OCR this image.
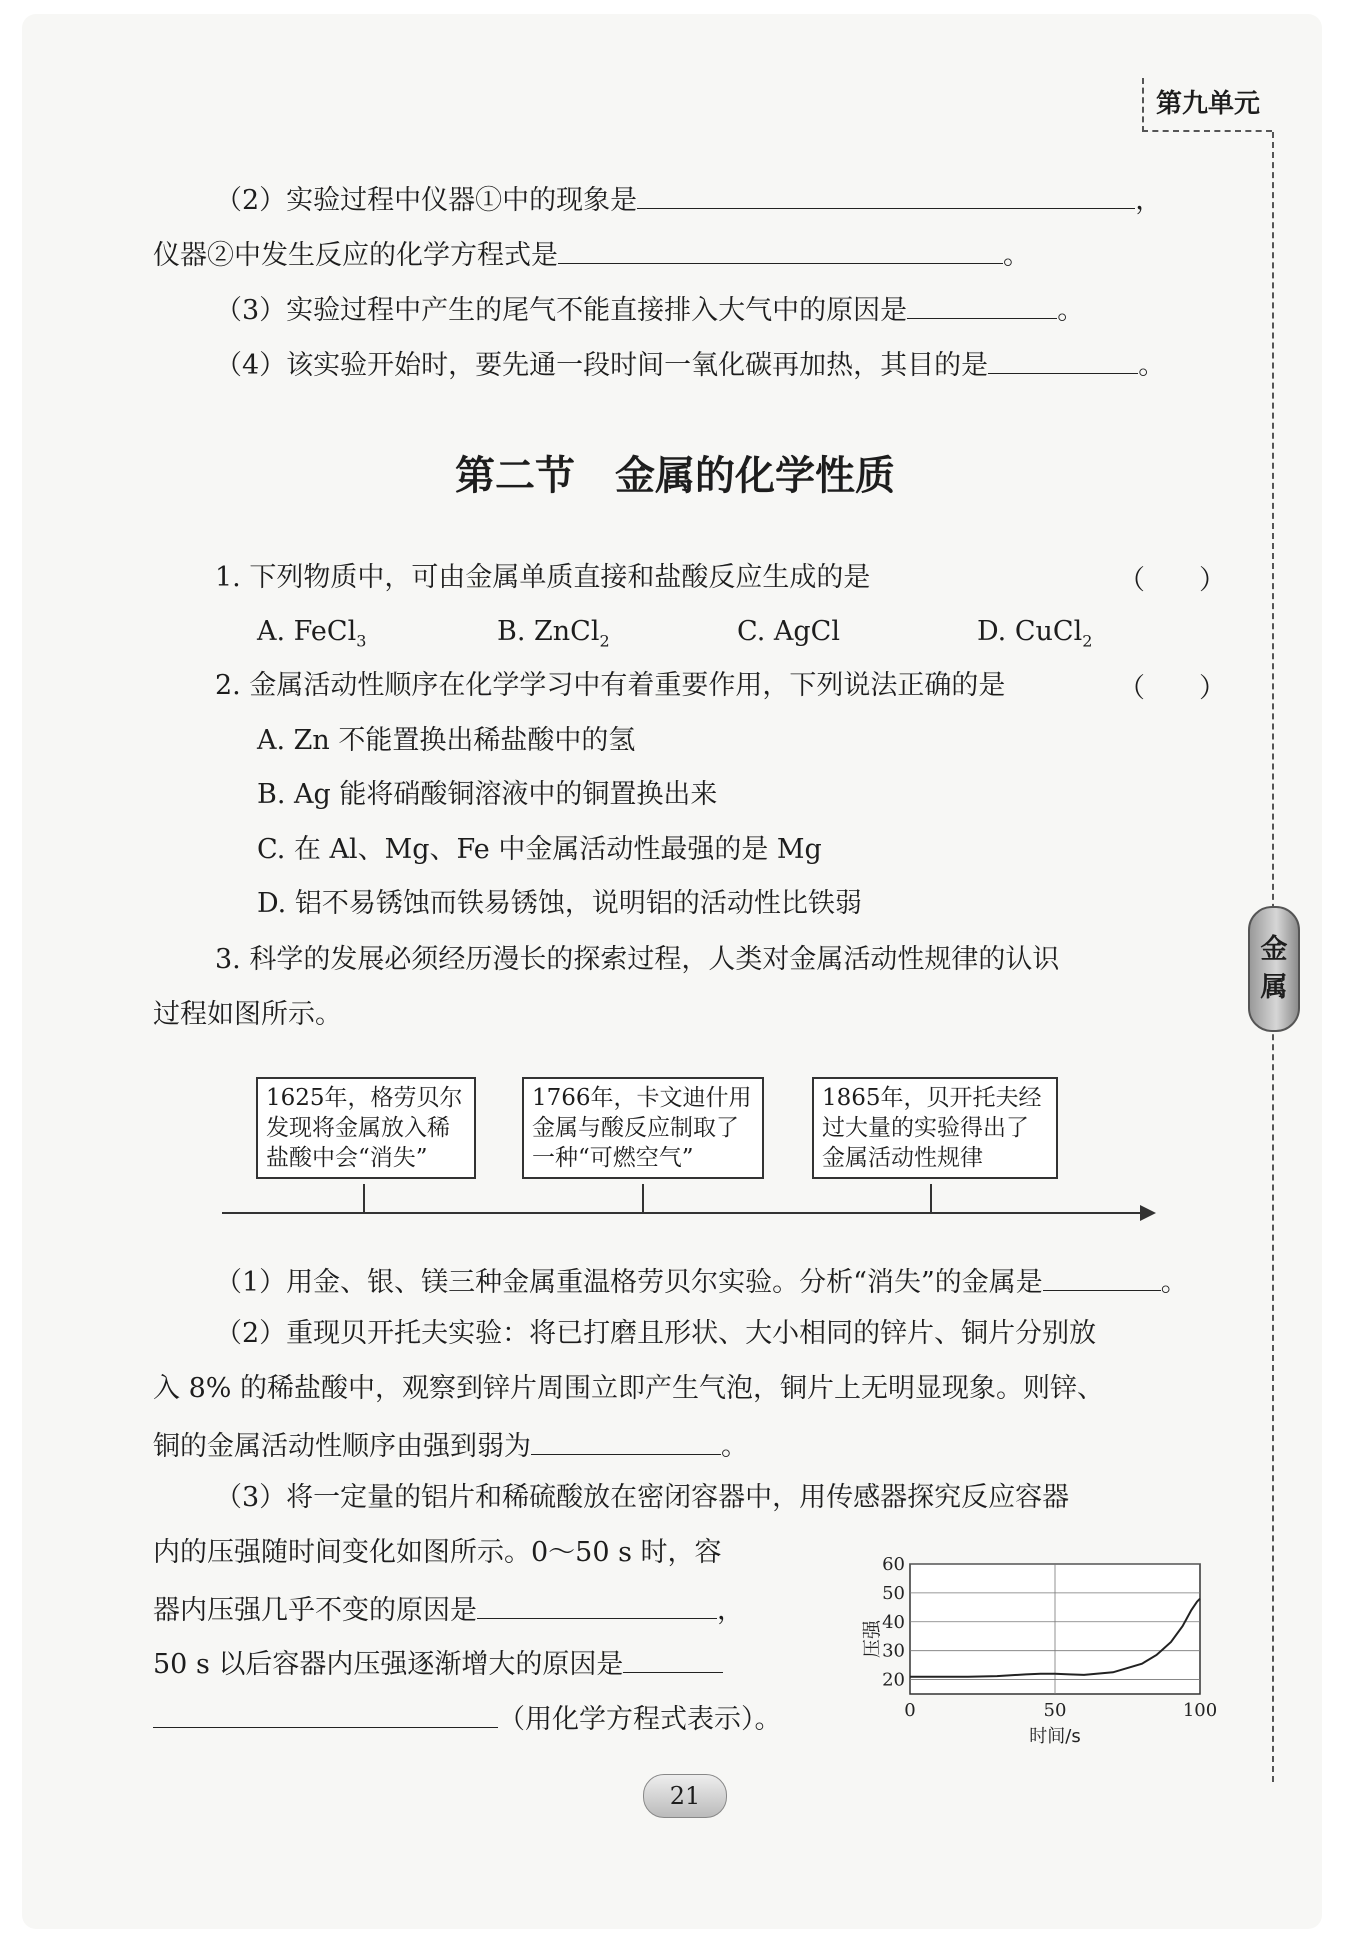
第九单元
金
属
（2）实验过程中仪器①中的现象是	，
仪器②中发生反应的化学方程式是	。
（3）实验过程中产生的尾气不能直接排入大气中的原因是	。
（4）该实验开始时，要先通一段时间一氧化碳再加热，其目的是	。
第二节　金属的化学性质
1. 下列物质中，可由金属单质直接和盐酸反应生成的是	（　　）
A. FeCl$_3$	B. ZnCl$_2$	C. AgCl	D. CuCl$_2$
2. 金属活动性顺序在化学学习中有着重要作用，下列说法正确的是	（　　）
A. Zn 不能置换出稀盐酸中的氢
B. Ag 能将硝酸铜溶液中的铜置换出来
C. 在 Al、Mg、Fe 中金属活动性最强的是 Mg
D. 铝不易锈蚀而铁易锈蚀，说明铝的活动性比铁弱
3. 科学的发展必须经历漫长的探索过程，人类对金属活动性规律的认识
过程如图所示。
1625年，格劳贝尔
发现将金属放入稀
盐酸中会“消失”
1766年，卡文迪什用
金属与酸反应制取了
一种“可燃空气”
1865年，贝开托夫经
过大量的实验得出了
金属活动性规律
（1）用金、银、镁三种金属重温格劳贝尔实验。分析“消失”的金属是	。
（2）重现贝开托夫实验：将已打磨且形状、大小相同的锌片、铜片分别放
入 8% 的稀盐酸中，观察到锌片周围立即产生气泡，铜片上无明显现象。则锌、
铜的金属活动性顺序由强到弱为	。
（3）将一定量的铝片和稀硫酸放在密闭容器中，用传感器探究反应容器
内的压强随时间变化如图所示。0～50 s 时，容
器内压强几乎不变的原因是	，
50 s 以后容器内压强逐渐增大的原因是
（用化学方程式表示）。
20
30
40
50
60
0	50	100
时间/s
压强
21
